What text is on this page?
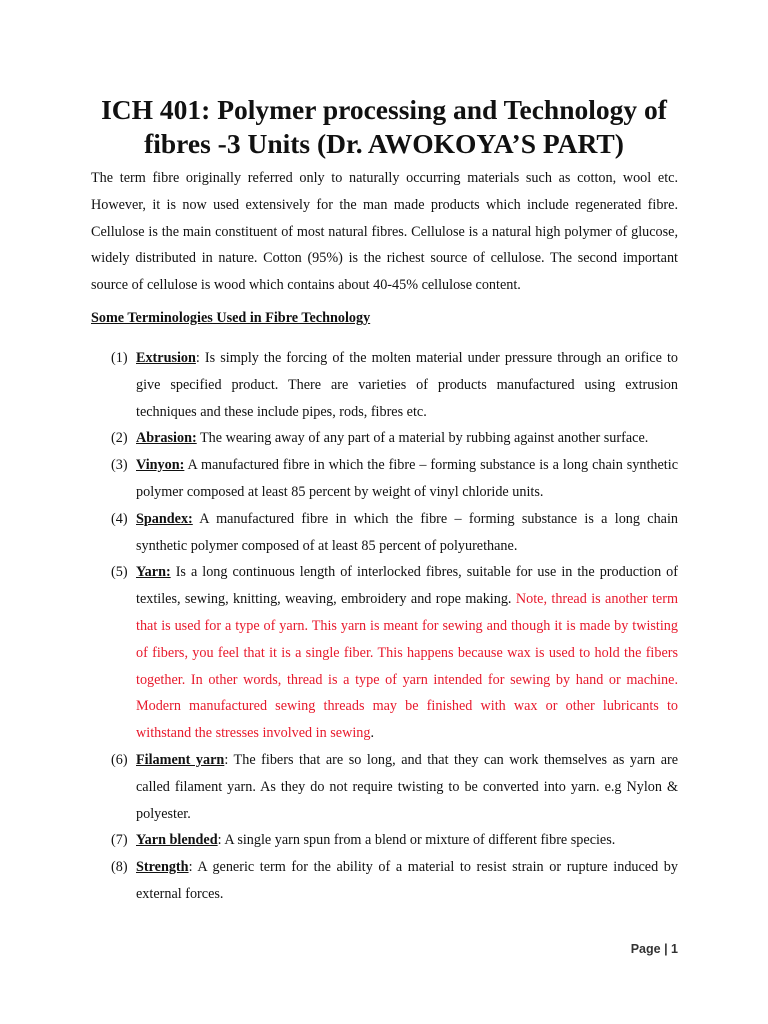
ICH 401: Polymer processing and Technology of
fibres -3 Units (Dr. AWOKOYA’S PART)

The term fibre originally referred only to naturally occurring materials such as cotton, wool etc. However, it is now used extensively for the man made products which include regenerated fibre. Cellulose is the main constituent of most natural fibres. Cellulose is a natural high polymer of glucose, widely distributed in nature. Cotton (95%) is the richest source of cellulose. The second important source of cellulose is wood which contains about 40-45% cellulose content.

Some Terminologies Used in Fibre Technology
(1) Extrusion: Is simply the forcing of the molten material under pressure through an orifice to give specified product. There are varieties of products manufactured using extrusion techniques and these include pipes, rods, fibres etc.
(2) Abrasion: The wearing away of any part of a material by rubbing against another surface.
(3) Vinyon: A manufactured fibre in which the fibre – forming substance is a long chain synthetic polymer composed at least 85 percent by weight of vinyl chloride units.
(4) Spandex: A manufactured fibre in which the fibre – forming substance is a long chain synthetic polymer composed of at least 85 percent of polyurethane.
(5) Yarn: Is a long continuous length of interlocked fibres, suitable for use in the production of textiles, sewing, knitting, weaving, embroidery and rope making. Note, thread is another term that is used for a type of yarn. This yarn is meant for sewing and though it is made by twisting of fibers, you feel that it is a single fiber. This happens because wax is used to hold the fibers together. In other words, thread is a type of yarn intended for sewing by hand or machine. Modern manufactured sewing threads may be finished with wax or other lubricants to withstand the stresses involved in sewing.
(6) Filament yarn: The fibers that are so long, and that they can work themselves as yarn are called filament yarn. As they do not require twisting to be converted into yarn. e.g Nylon & polyester.
(7) Yarn blended: A single yarn spun from a blend or mixture of different fibre species.
(8) Strength: A generic term for the ability of a material to resist strain or rupture induced by external forces.
Page | 1
